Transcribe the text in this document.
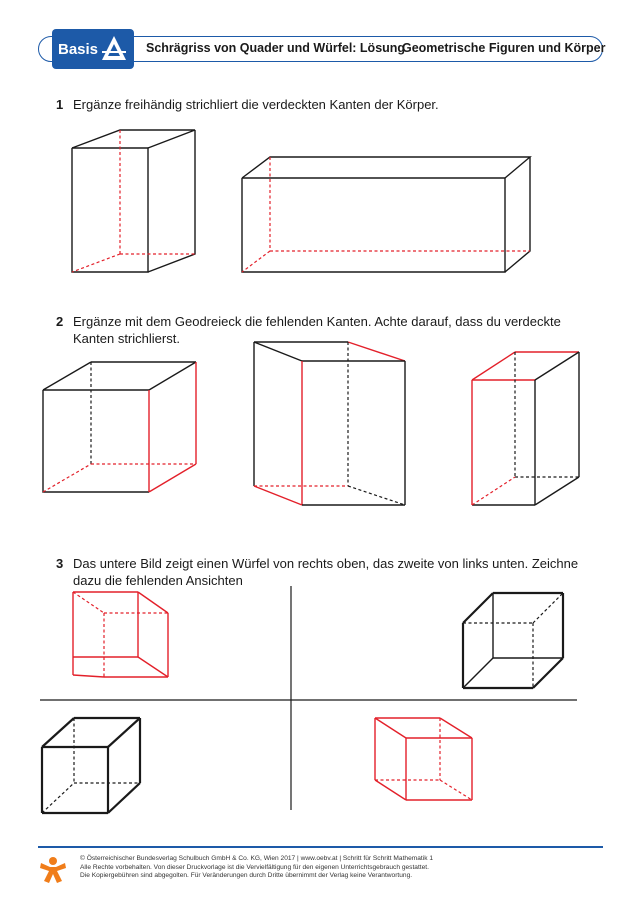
Basis	Schrägriss von Quader und Würfel: Lösung
Geometrische Figuren und Körper
1 Ergänze freihändig strichliert die verdeckten Kanten der Körper.
2 Ergänze mit dem Geodreieck die fehlenden Kanten. Achte darauf, dass du verdeckte Kanten strichlierst.
3 Das untere Bild zeigt einen Würfel von rechts oben, das zweite von links unten. Zeichne dazu die fehlenden Ansichten
© Österreichischer Bundesverlag Schulbuch GmbH & Co. KG, Wien 2017 | www.oebv.at | Schritt für Schritt Mathematik 1
Alle Rechte vorbehalten. Von dieser Druckvorlage ist die Vervielfältigung für den eigenen Unterrichtsgebrauch gestattet.
Die Kopiergebühren sind abgegolten. Für Veränderungen durch Dritte übernimmt der Verlag keine Verantwortung.
